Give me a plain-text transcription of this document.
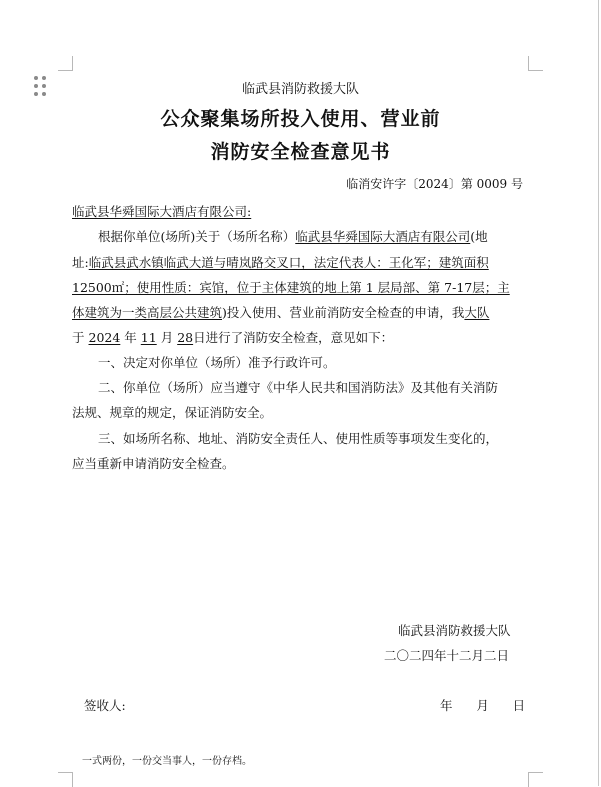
临武县消防救援大队
公众聚集场所投入使用、营业前
消防安全检查意见书
临消安许字〔2024〕第 0009 号
临武县华舜国际大酒店有限公司:
根据你单位(场所)关于（场所名称）临武县华舜国际大酒店有限公司(地
址:临武县武水镇临武大道与晴岚路交叉口，法定代表人：王化军；建筑面积
12500㎡；使用性质：宾馆，位于主体建筑的地上第 1 层局部、第 7-17层；主
体建筑为一类高层公共建筑)投入使用、营业前消防安全检查的申请，我大队
于 2024 年 11 月 28日进行了消防安全检查，意见如下：
一、决定对你单位（场所）准予行政许可。
二、你单位（场所）应当遵守《中华人民共和国消防法》及其他有关消防
法规、规章的规定，保证消防安全。
三、如场所名称、地址、消防安全责任人、使用性质等事项发生变化的，
应当重新申请消防安全检查。
临武县消防救援大队
二〇二四年十二月二日
签收人:	年      月      日
一式两份，一份交当事人，一份存档。
